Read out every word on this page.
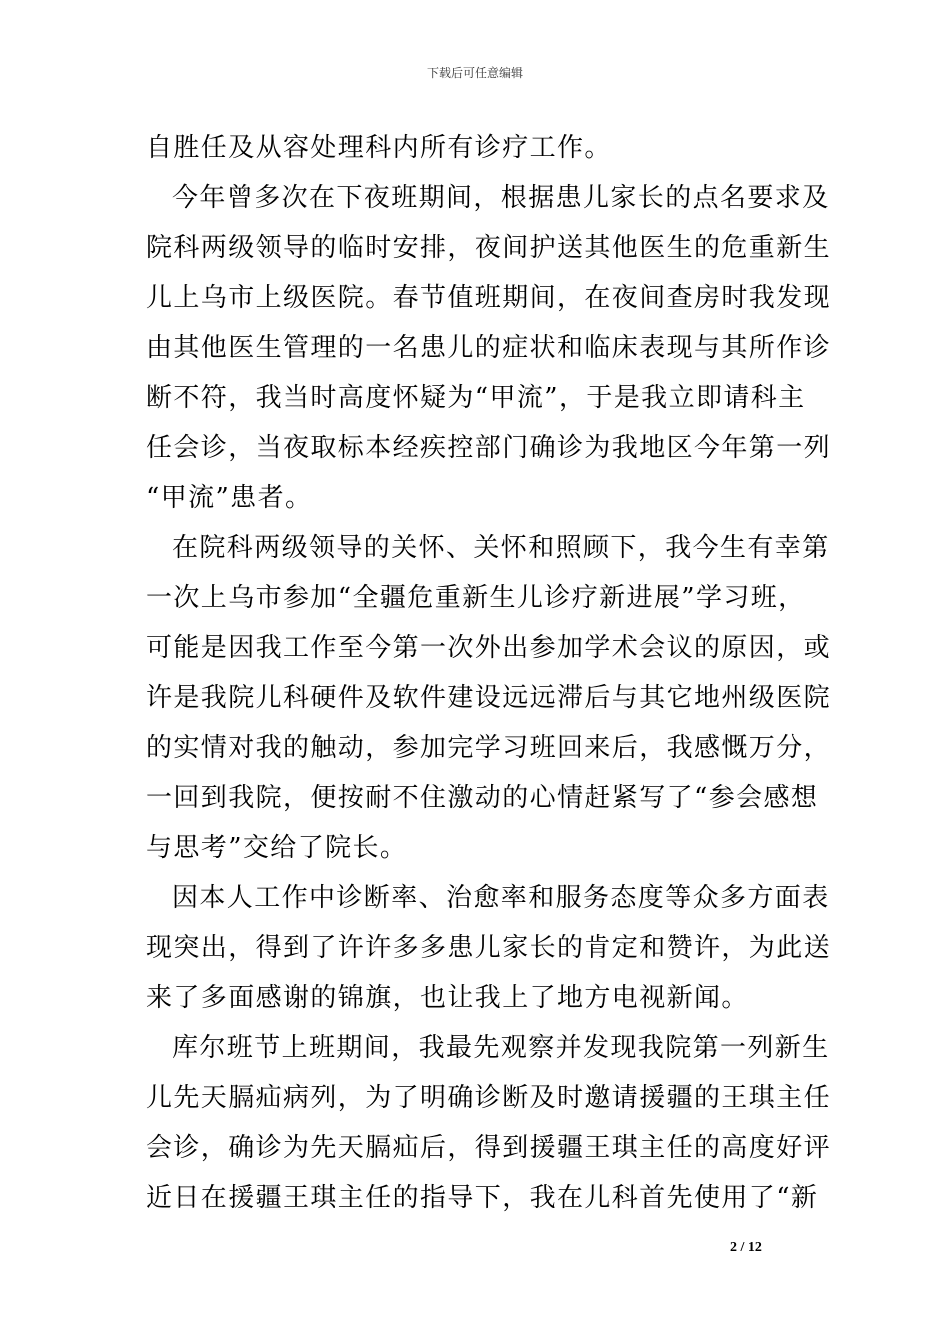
下载后可任意编辑
自胜任及从容处理科内所有诊疗工作。
今年曾多次在下夜班期间，根据患儿家长的点名要求及
院科两级领导的临时安排，夜间护送其他医生的危重新生
儿上乌市上级医院。春节值班期间，在夜间查房时我发现
由其他医生管理的一名患儿的症状和临床表现与其所作诊
断不符，我当时高度怀疑为“甲流”，于是我立即请科主
任会诊，当夜取标本经疾控部门确诊为我地区今年第一列
“甲流”患者。
在院科两级领导的关怀、关怀和照顾下，我今生有幸第
一次上乌市参加“全疆危重新生儿诊疗新进展”学习班，
可能是因我工作至今第一次外出参加学术会议的原因，或
许是我院儿科硬件及软件建设远远滞后与其它地州级医院
的实情对我的触动，参加完学习班回来后，我感慨万分，
一回到我院，便按耐不住激动的心情赶紧写了“参会感想
与思考”交给了院长。
因本人工作中诊断率、治愈率和服务态度等众多方面表
现突出，得到了许许多多患儿家长的肯定和赞许，为此送
来了多面感谢的锦旗，也让我上了地方电视新闻。
库尔班节上班期间，我最先观察并发现我院第一列新生
儿先天膈疝病列，为了明确诊断及时邀请援疆的王琪主任
会诊，确诊为先天膈疝后，得到援疆王琪主任的高度好评
近日在援疆王琪主任的指导下，我在儿科首先使用了“新
2 / 12
